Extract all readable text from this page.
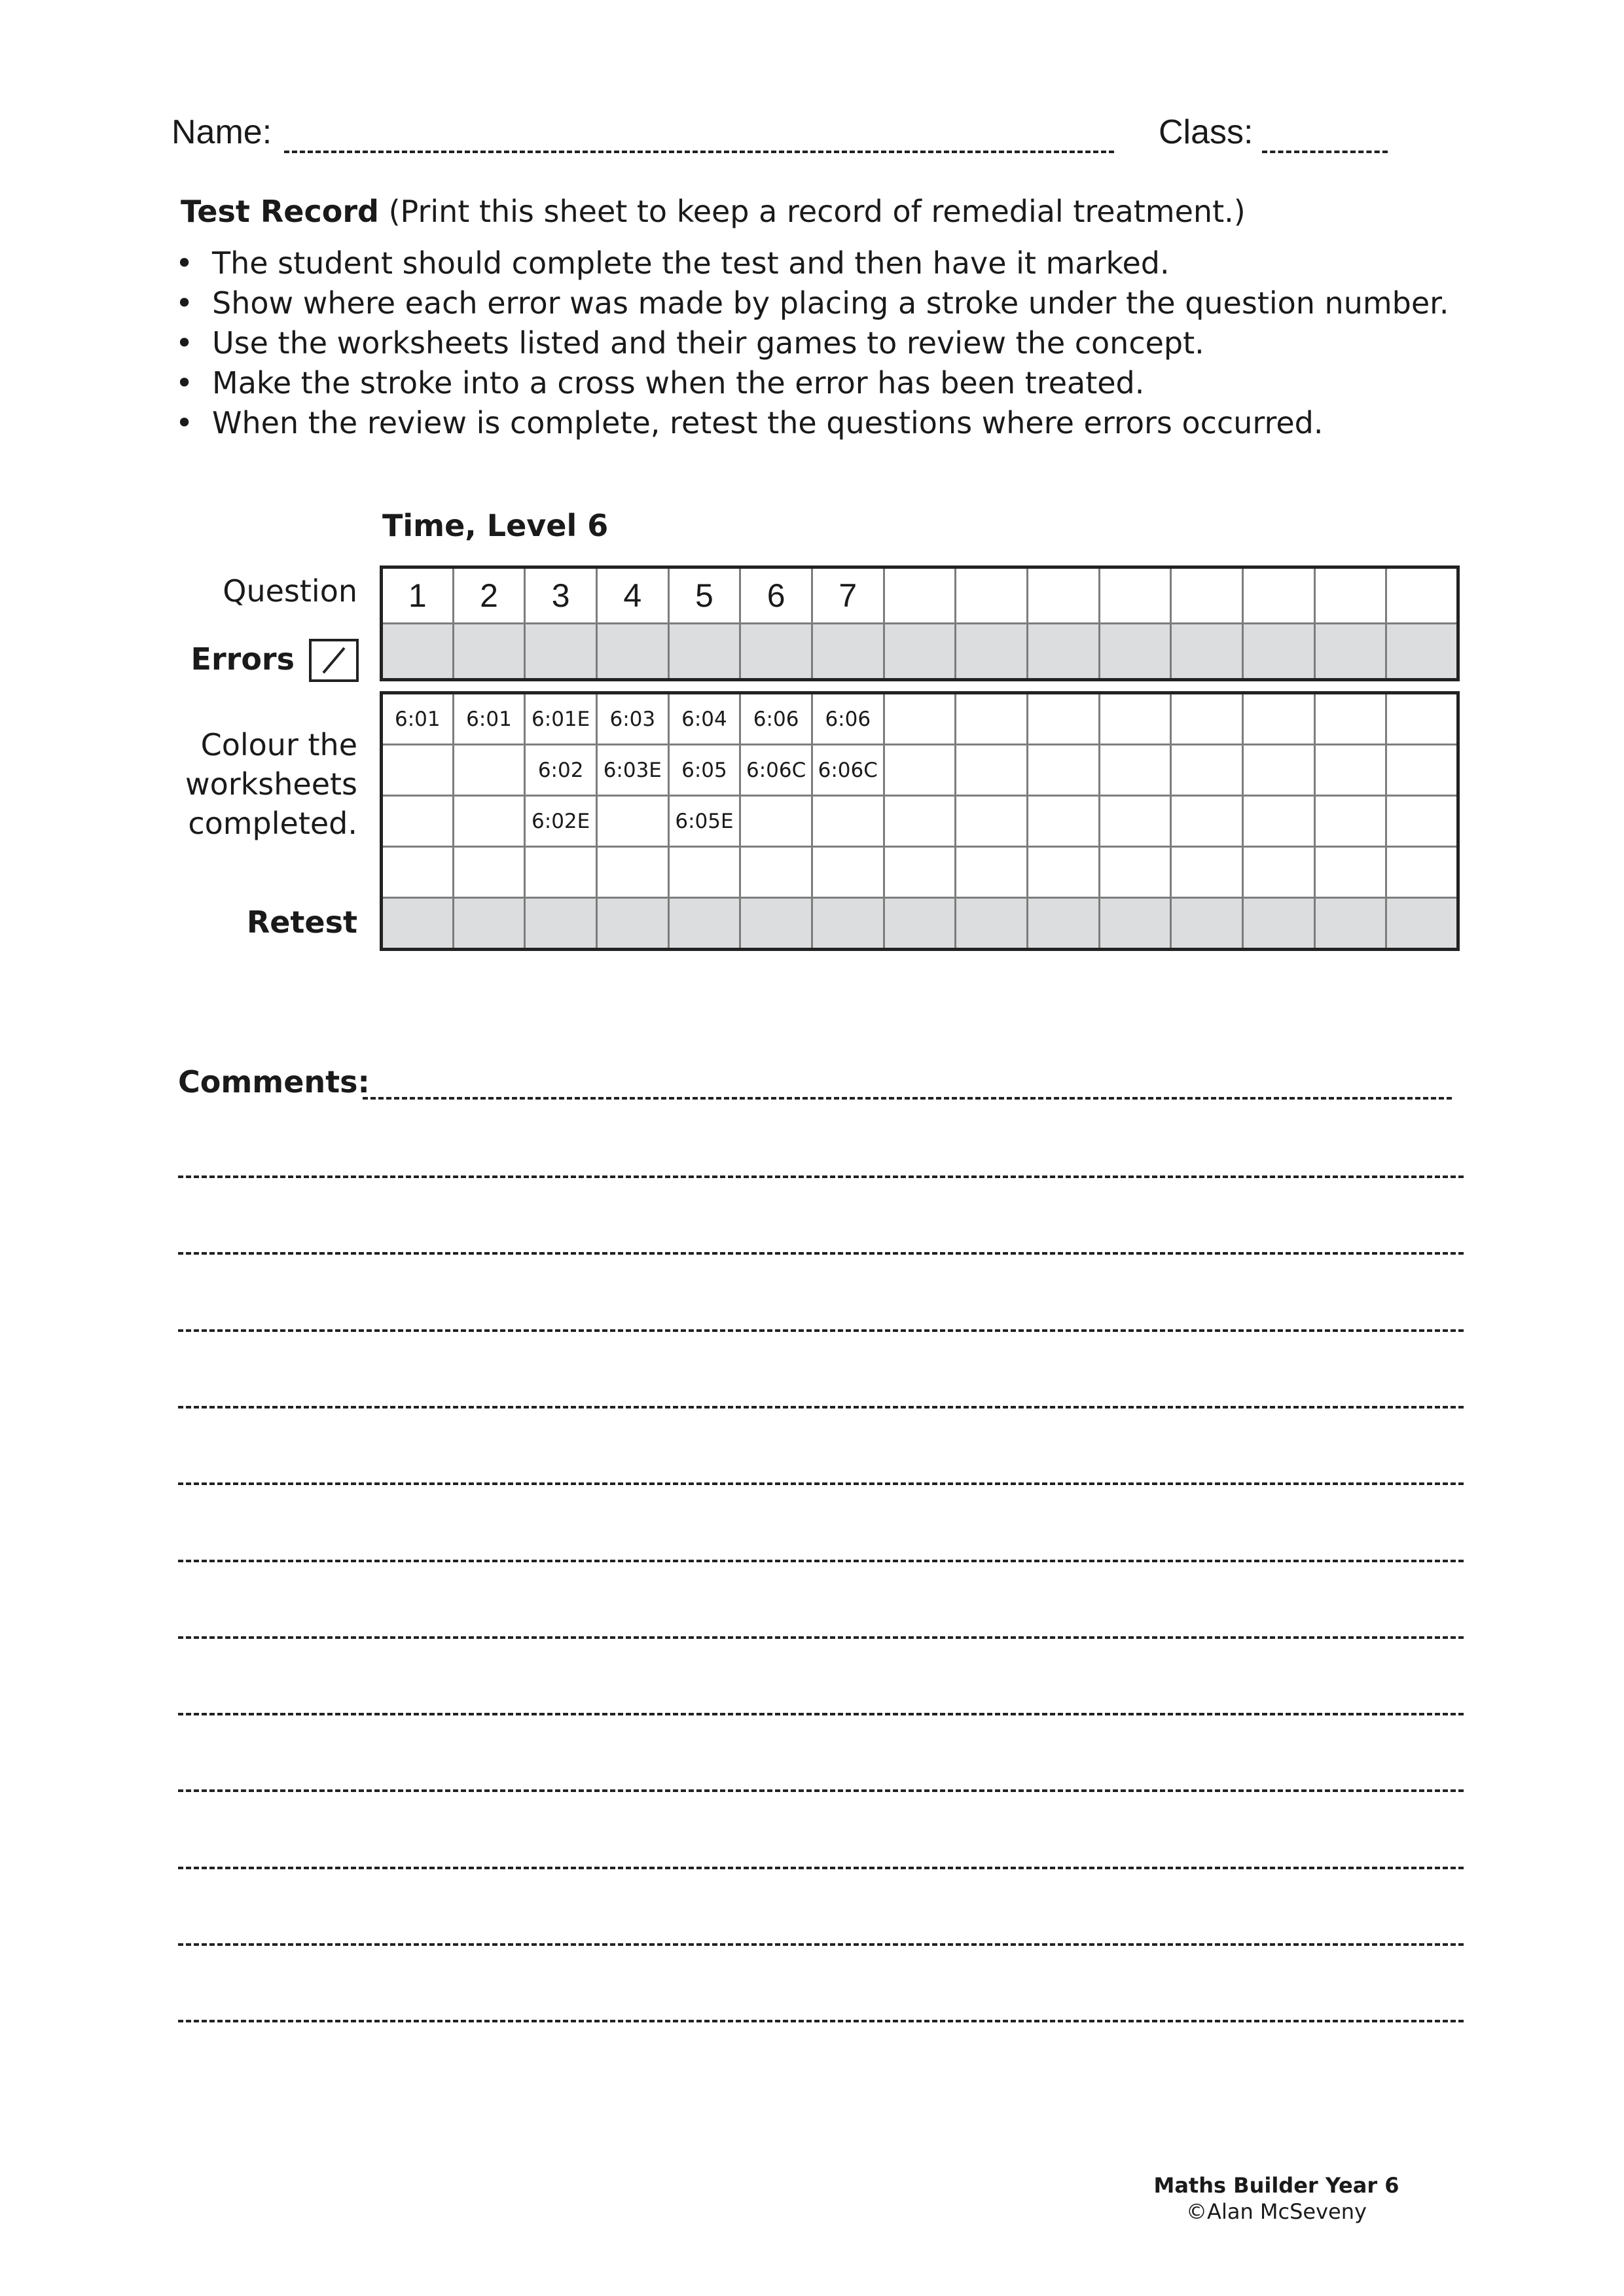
Name:	Class:
Test Record (Print this sheet to keep a record of remedial treatment.)
• The student should complete the test and then have it marked.
• Show where each error was made by placing a stroke under the question number.
• Use the worksheets listed and their games to review the concept.
• Make the stroke into a cross when the error has been treated.
• When the review is complete, retest the questions where errors occurred.
Time, Level 6
Question
Errors
Colour the
worksheets
completed.
Retest
1	2	3	4	5	6	7								

6:01	6:01	6:01E	6:03	6:04	6:06	6:06								
		6:02	6:03E	6:05	6:06C	6:06C								
		6:02E		6:05E										

Comments:
Maths Builder Year 6
©Alan McSeveny
